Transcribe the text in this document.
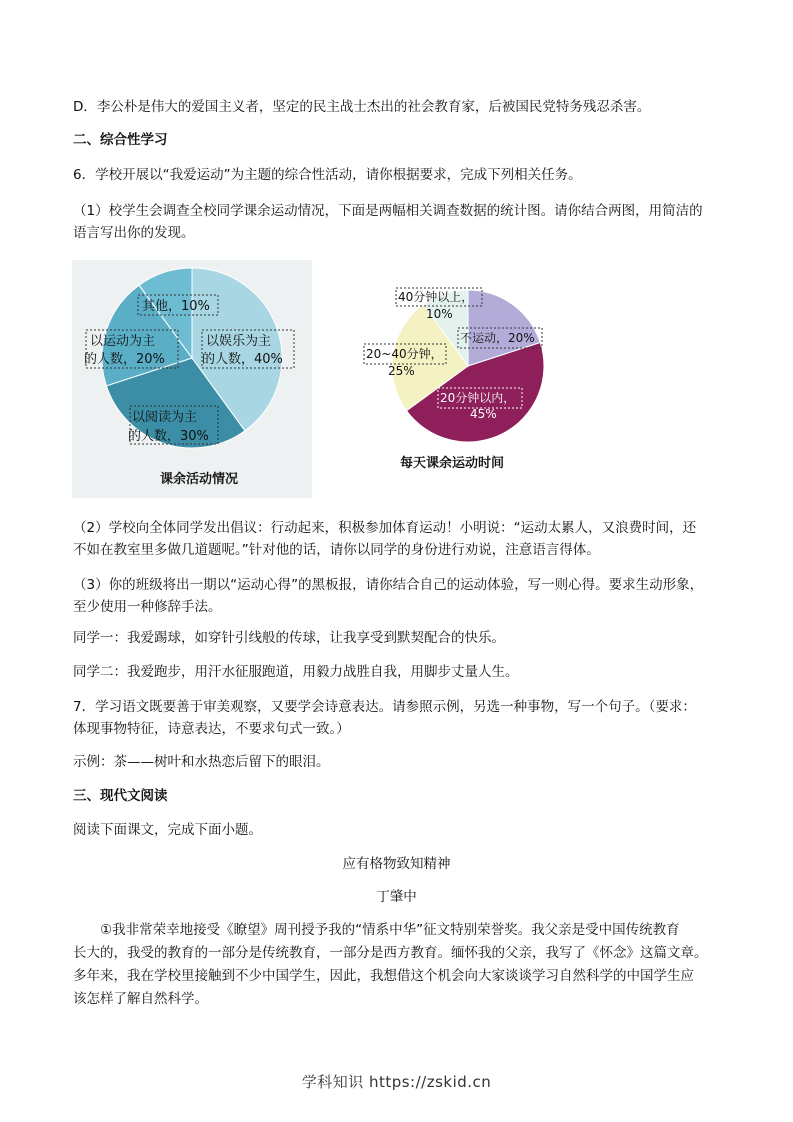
D．李公朴是伟大的爱国主义者，坚定的民主战士杰出的社会教育家，后被国民党特务残忍杀害。

二、综合性学习

6．学校开展以“我爱运动”为主题的综合性活动，请你根据要求，完成下列相关任务。

（1）校学生会调查全校同学课余运动情况，下面是两幅相关调查数据的统计图。请你结合两图，用简洁的

语言写出你的发现。

其他，10%
以娱乐为主
的人数，40%
以运动为主
的人数，20%
以阅读为主
的人数，30%
课余活动情况
40分钟以上，
10%
不运动，20%
20~40分钟，
25%
20分钟以内，
45%
每天课余运动时间

（2）学校向全体同学发出倡议：行动起来，积极参加体育运动！小明说：“运动太累人，又浪费时间，还

不如在教室里多做几道题呢。”针对他的话，请你以同学的身份进行劝说，注意语言得体。

（3）你的班级将出一期以“运动心得”的黑板报，请你结合自己的运动体验，写一则心得。要求生动形象，

至少使用一种修辞手法。

同学一：我爱踢球，如穿针引线般的传球，让我享受到默契配合的快乐。

同学二：我爱跑步，用汗水征服跑道，用毅力战胜自我，用脚步丈量人生。

7．学习语文既要善于审美观察，又要学会诗意表达。请参照示例，另选一种事物，写一个句子。（要求：

体现事物特征，诗意表达，不要求句式一致。）

示例：茶——树叶和水热恋后留下的眼泪。

三、现代文阅读

阅读下面课文，完成下面小题。

应有格物致知精神

丁肇中

①我非常荣幸地接受《瞭望》周刊授予我的“情系中华”征文特别荣誉奖。我父亲是受中国传统教育

长大的，我受的教育的一部分是传统教育，一部分是西方教育。缅怀我的父亲，我写了《怀念》这篇文章。

多年来，我在学校里接触到不少中国学生，因此，我想借这个机会向大家谈谈学习自然科学的中国学生应

该怎样了解自然科学。

学科知识 https://zskid.cn
